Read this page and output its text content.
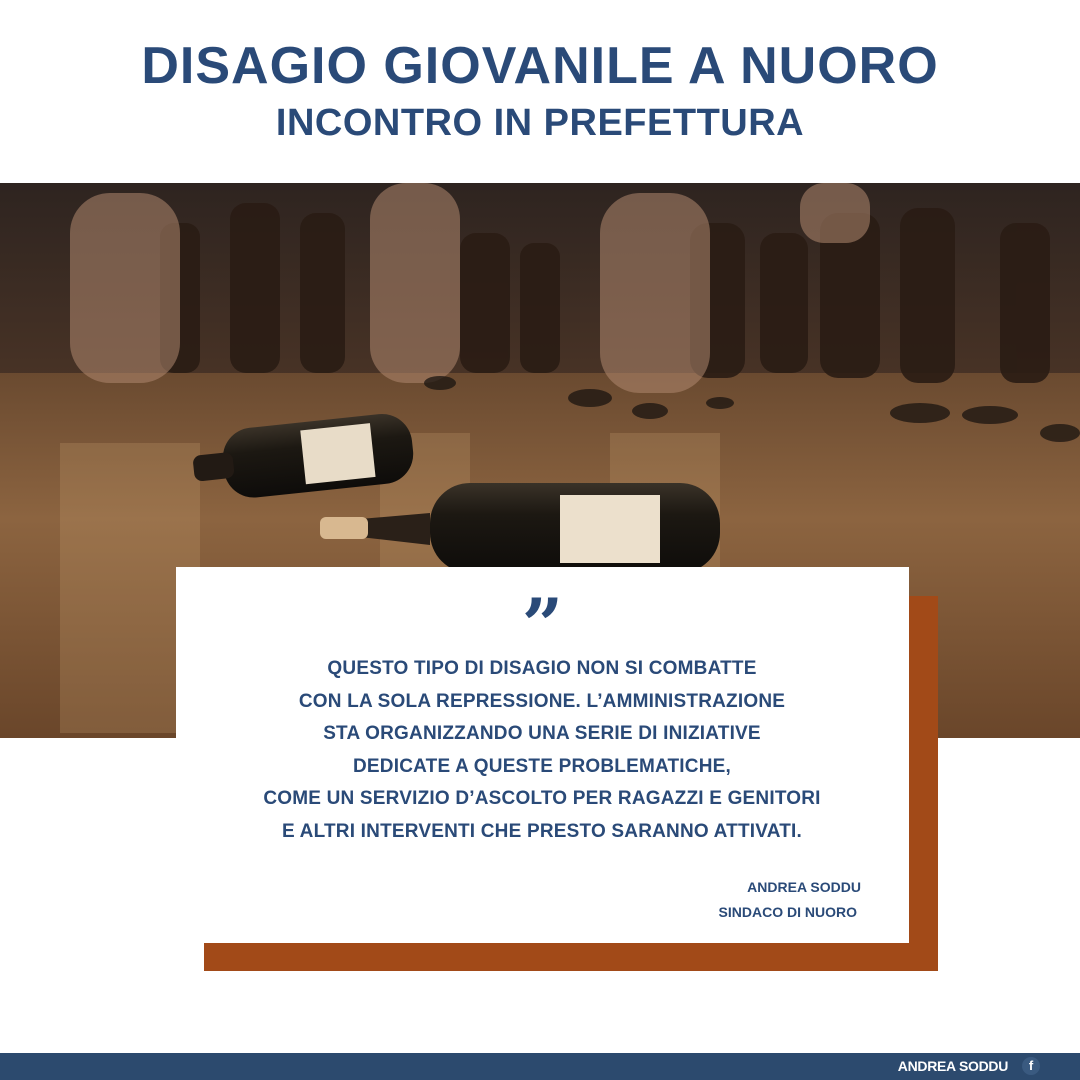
DISAGIO GIOVANILE A NUORO
INCONTRO IN PREFETTURA
”
QUESTO TIPO DI DISAGIO NON SI COMBATTE
CON LA SOLA REPRESSIONE. L’AMMINISTRAZIONE
STA ORGANIZZANDO UNA SERIE DI INIZIATIVE
DEDICATE A QUESTE PROBLEMATICHE,
COME UN SERVIZIO D’ASCOLTO PER RAGAZZI E GENITORI
E ALTRI INTERVENTI CHE PRESTO SARANNO ATTIVATI.
ANDREA SODDU
SINDACO DI NUORO
ANDREA SODDU	f
